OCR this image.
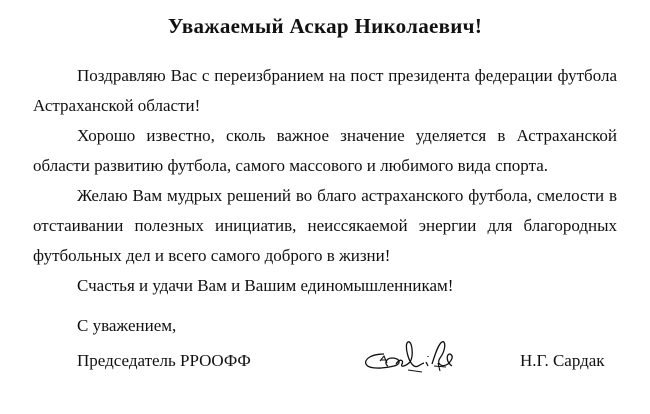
Уважаемый Аскар Николаевич!

Поздравляю Вас с переизбранием на пост президента федерации футбола Астраханской области!

Хорошо известно, сколь важное значение уделяется в Астраханской области развитию футбола, самого массового и любимого вида спорта.

Желаю Вам мудрых решений во благо астраханского футбола, смелости в отстаивании полезных инициатив, неиссякаемой энергии для благородных футбольных дел и всего самого доброго в жизни!

Счастья и удачи Вам и Вашим единомышленникам!

С уважением,
Председатель РРООФФ	Н.Г. Сардак
